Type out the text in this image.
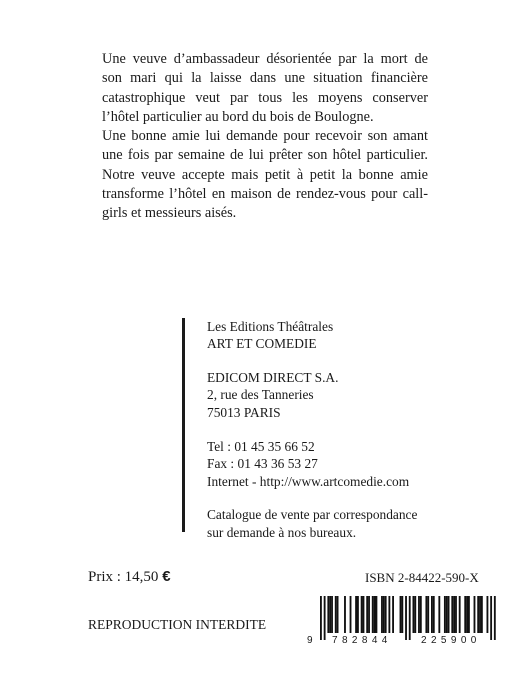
Une veuve d’ambassadeur désorientée par la mort de son mari qui la laisse dans une situation financière catastrophique veut par tous les moyens conserver l’hôtel particulier au bord du bois de Boulogne.

Une bonne amie lui demande pour recevoir son amant une fois par semaine de lui prêter son hôtel particulier. Notre veuve accepte mais petit à petit la bonne amie transforme l’hôtel en maison de rendez-vous pour call-girls et messieurs aisés.

Les Editions Théâtrales
ART ET COMEDIE
EDICOM DIRECT S.A.
2, rue des Tanneries
75013 PARIS
Tel : 01 45 35 66 52
Fax : 01 43 36 53 27
Internet - http://www.artcomedie.com
Catalogue de vente par correspondance
sur demande à nos bureaux.
Prix : 14,50 €	ISBN 2-84422-590-X
REPRODUCTION INTERDITE
9 782844	225900
